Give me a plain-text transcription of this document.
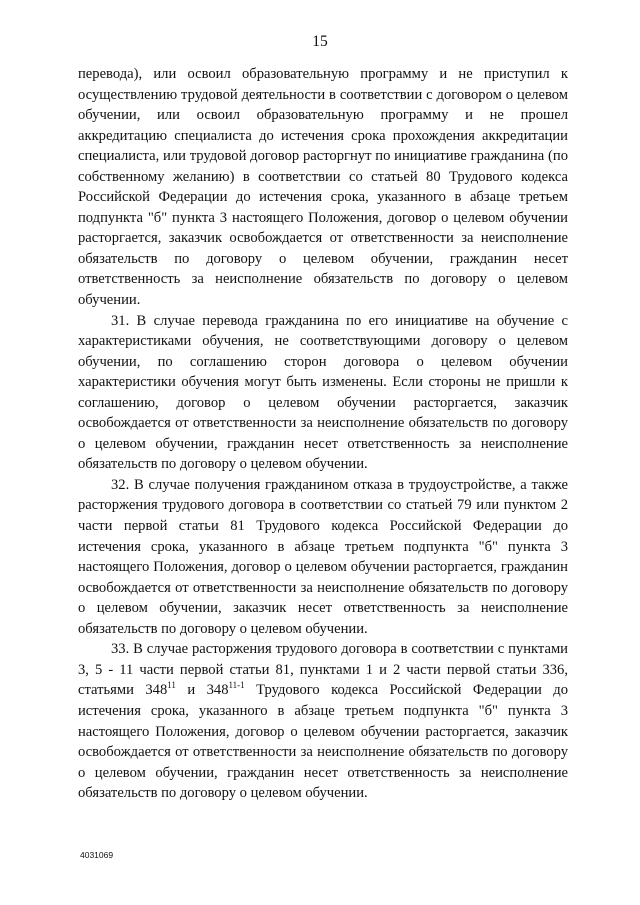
15

перевода), или освоил образовательную программу и не приступил к осуществлению трудовой деятельности в соответствии с договором о целевом обучении, или освоил образовательную программу и не прошел аккредитацию специалиста до истечения срока прохождения аккредитации специалиста, или трудовой договор расторгнут по инициативе гражданина (по собственному желанию) в соответствии со статьей 80 Трудового кодекса Российской Федерации до истечения срока, указанного в абзаце третьем подпункта "б" пункта 3 настоящего Положения, договор о целевом обучении расторгается, заказчик освобождается от ответственности за неисполнение обязательств по договору о целевом обучении, гражданин несет ответственность за неисполнение обязательств по договору о целевом обучении.

31. В случае перевода гражданина по его инициативе на обучение с характеристиками обучения, не соответствующими договору о целевом обучении, по соглашению сторон договора о целевом обучении характеристики обучения могут быть изменены. Если стороны не пришли к соглашению, договор о целевом обучении расторгается, заказчик освобождается от ответственности за неисполнение обязательств по договору о целевом обучении, гражданин несет ответственность за неисполнение обязательств по договору о целевом обучении.

32. В случае получения гражданином отказа в трудоустройстве, а также расторжения трудового договора в соответствии со статьей 79 или пунктом 2 части первой статьи 81 Трудового кодекса Российской Федерации до истечения срока, указанного в абзаце третьем подпункта "б" пункта 3 настоящего Положения, договор о целевом обучении расторгается, гражданин освобождается от ответственности за неисполнение обязательств по договору о целевом обучении, заказчик несет ответственность за неисполнение обязательств по договору о целевом обучении.

33. В случае расторжения трудового договора в соответствии с пунктами 3, 5 - 11 части первой статьи 81, пунктами 1 и 2 части первой статьи 336, статьями $348^{11}$ и 348$^{11-1}$ Трудового кодекса Российской Федерации до истечения срока, указанного в абзаце третьем подпункта "б" пункта 3 настоящего Положения, договор о целевом обучении расторгается, заказчик освобождается от ответственности за неисполнение обязательств по договору о целевом обучении, гражданин несет ответственность за неисполнение обязательств по договору о целевом обучении.

4031069
